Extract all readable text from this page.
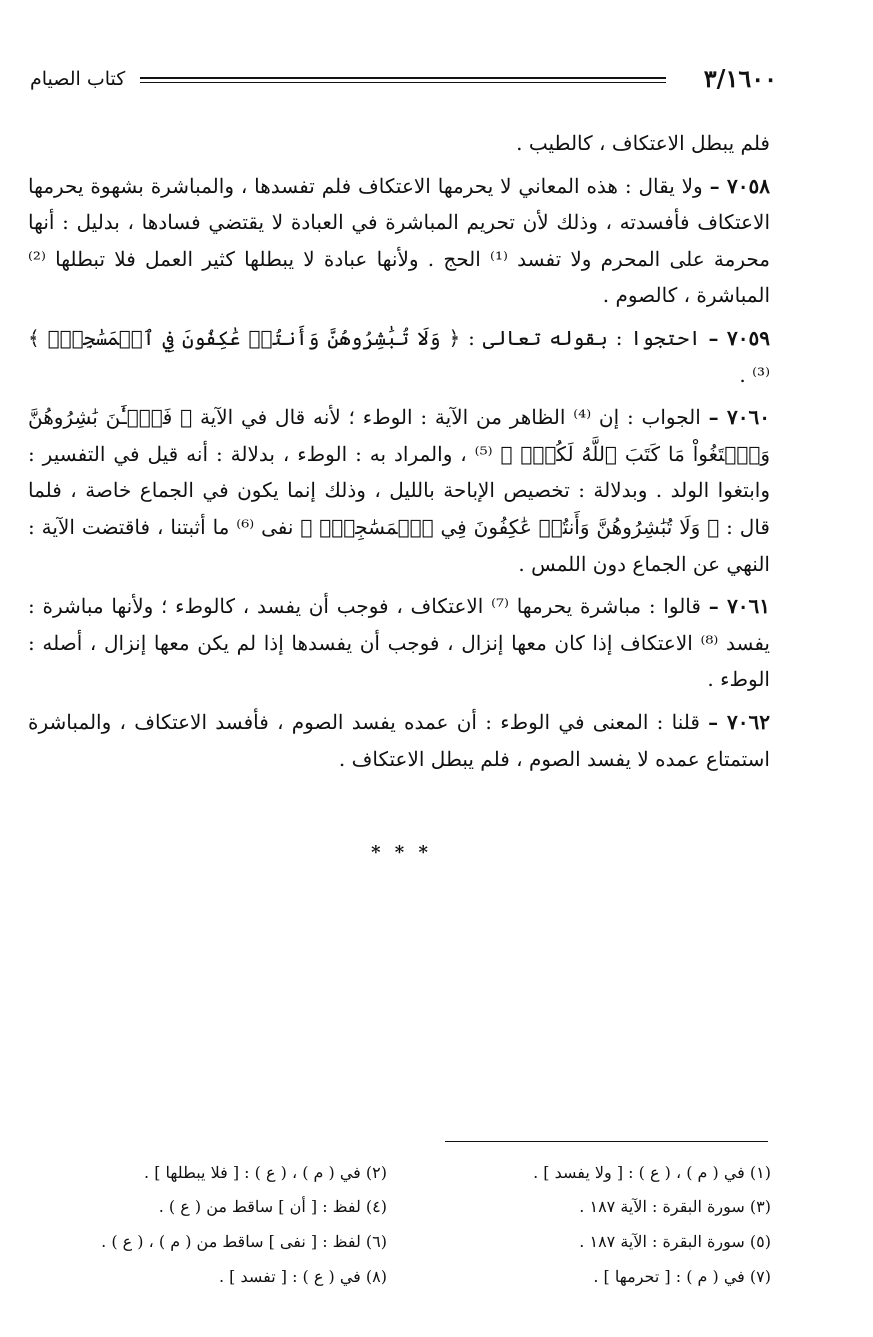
٣/١٦٠٠
كتاب الصيام

فلم يبطل الاعتكاف ، كالطيب .

٧٠٥٨ – ولا يقال : هذه المعاني لا يحرمها الاعتكاف فلم تفسدها ، والمباشرة بشهوة يحرمها الاعتكاف فأفسدته ، وذلك لأن تحريم المباشرة في العبادة لا يقتضي فسادها ، بدليل : أنها محرمة على المحرم ولا تفسد ⁽¹⁾ الحج . ولأنها عبادة لا يبطلها كثير العمل فلا تبطلها ⁽²⁾ المباشرة ، كالصوم .

٧٠٥٩ – احتجوا : بقوله تعالى : ﴿ وَلَا تُبَٰشِرُوهُنَّ وَأَنتُمۡ عَٰكِفُونَ فِي ٱلۡمَسَٰجِدِۗ ﴾ ⁽³⁾ .

٧٠٦٠ – الجواب : إن ⁽⁴⁾ الظاهر من الآية : الوطء ؛ لأنه قال في الآية ﴿ فَٱلۡـَٰٔنَ بَٰشِرُوهُنَّ وَٱبۡتَغُواْ مَا كَتَبَ ٱللَّهُ لَكُمۡۚ ﴾ ⁽⁵⁾ ، والمراد به : الوطء ، بدلالة : أنه قيل في التفسير : وابتغوا الولد . وبدلالة : تخصيص الإباحة بالليل ، وذلك إنما يكون في الجماع خاصة ، فلما قال : ﴿ وَلَا تُبَٰشِرُوهُنَّ وَأَنتُمۡ عَٰكِفُونَ فِي ٱلۡمَسَٰجِدِۗ ﴾ نفى ⁽⁶⁾ ما أثبتنا ، فاقتضت الآية : النهي عن الجماع دون اللمس .

٧٠٦١ – قالوا : مباشرة يحرمها ⁽⁷⁾ الاعتكاف ، فوجب أن يفسد ، كالوطء ؛ ولأنها مباشرة : يفسد ⁽⁸⁾ الاعتكاف إذا كان معها إنزال ، فوجب أن يفسدها إذا لم يكن معها إنزال ، أصله : الوطء .

٧٠٦٢ – قلنا : المعنى في الوطء : أن عمده يفسد الصوم ، فأفسد الاعتكاف ، والمباشرة استمتاع عمده لا يفسد الصوم ، فلم يبطل الاعتكاف .

* * *
(١) في ( م ) ، ( ع ) : [ ولا يفسد ] .
(٢) في ( م ) ، ( ع ) : [ فلا يبطلها ] .
(٣) سورة البقرة : الآية ١٨٧ .
(٤) لفظ : [ أن ] ساقط من ( ع ) .
(٥) سورة البقرة : الآية ١٨٧ .
(٦) لفظ : [ نفى ] ساقط من ( م ) ، ( ع ) .
(٧) في ( م ) : [ تحرمها ] .
(٨) في ( ع ) : [ تفسد ] .
